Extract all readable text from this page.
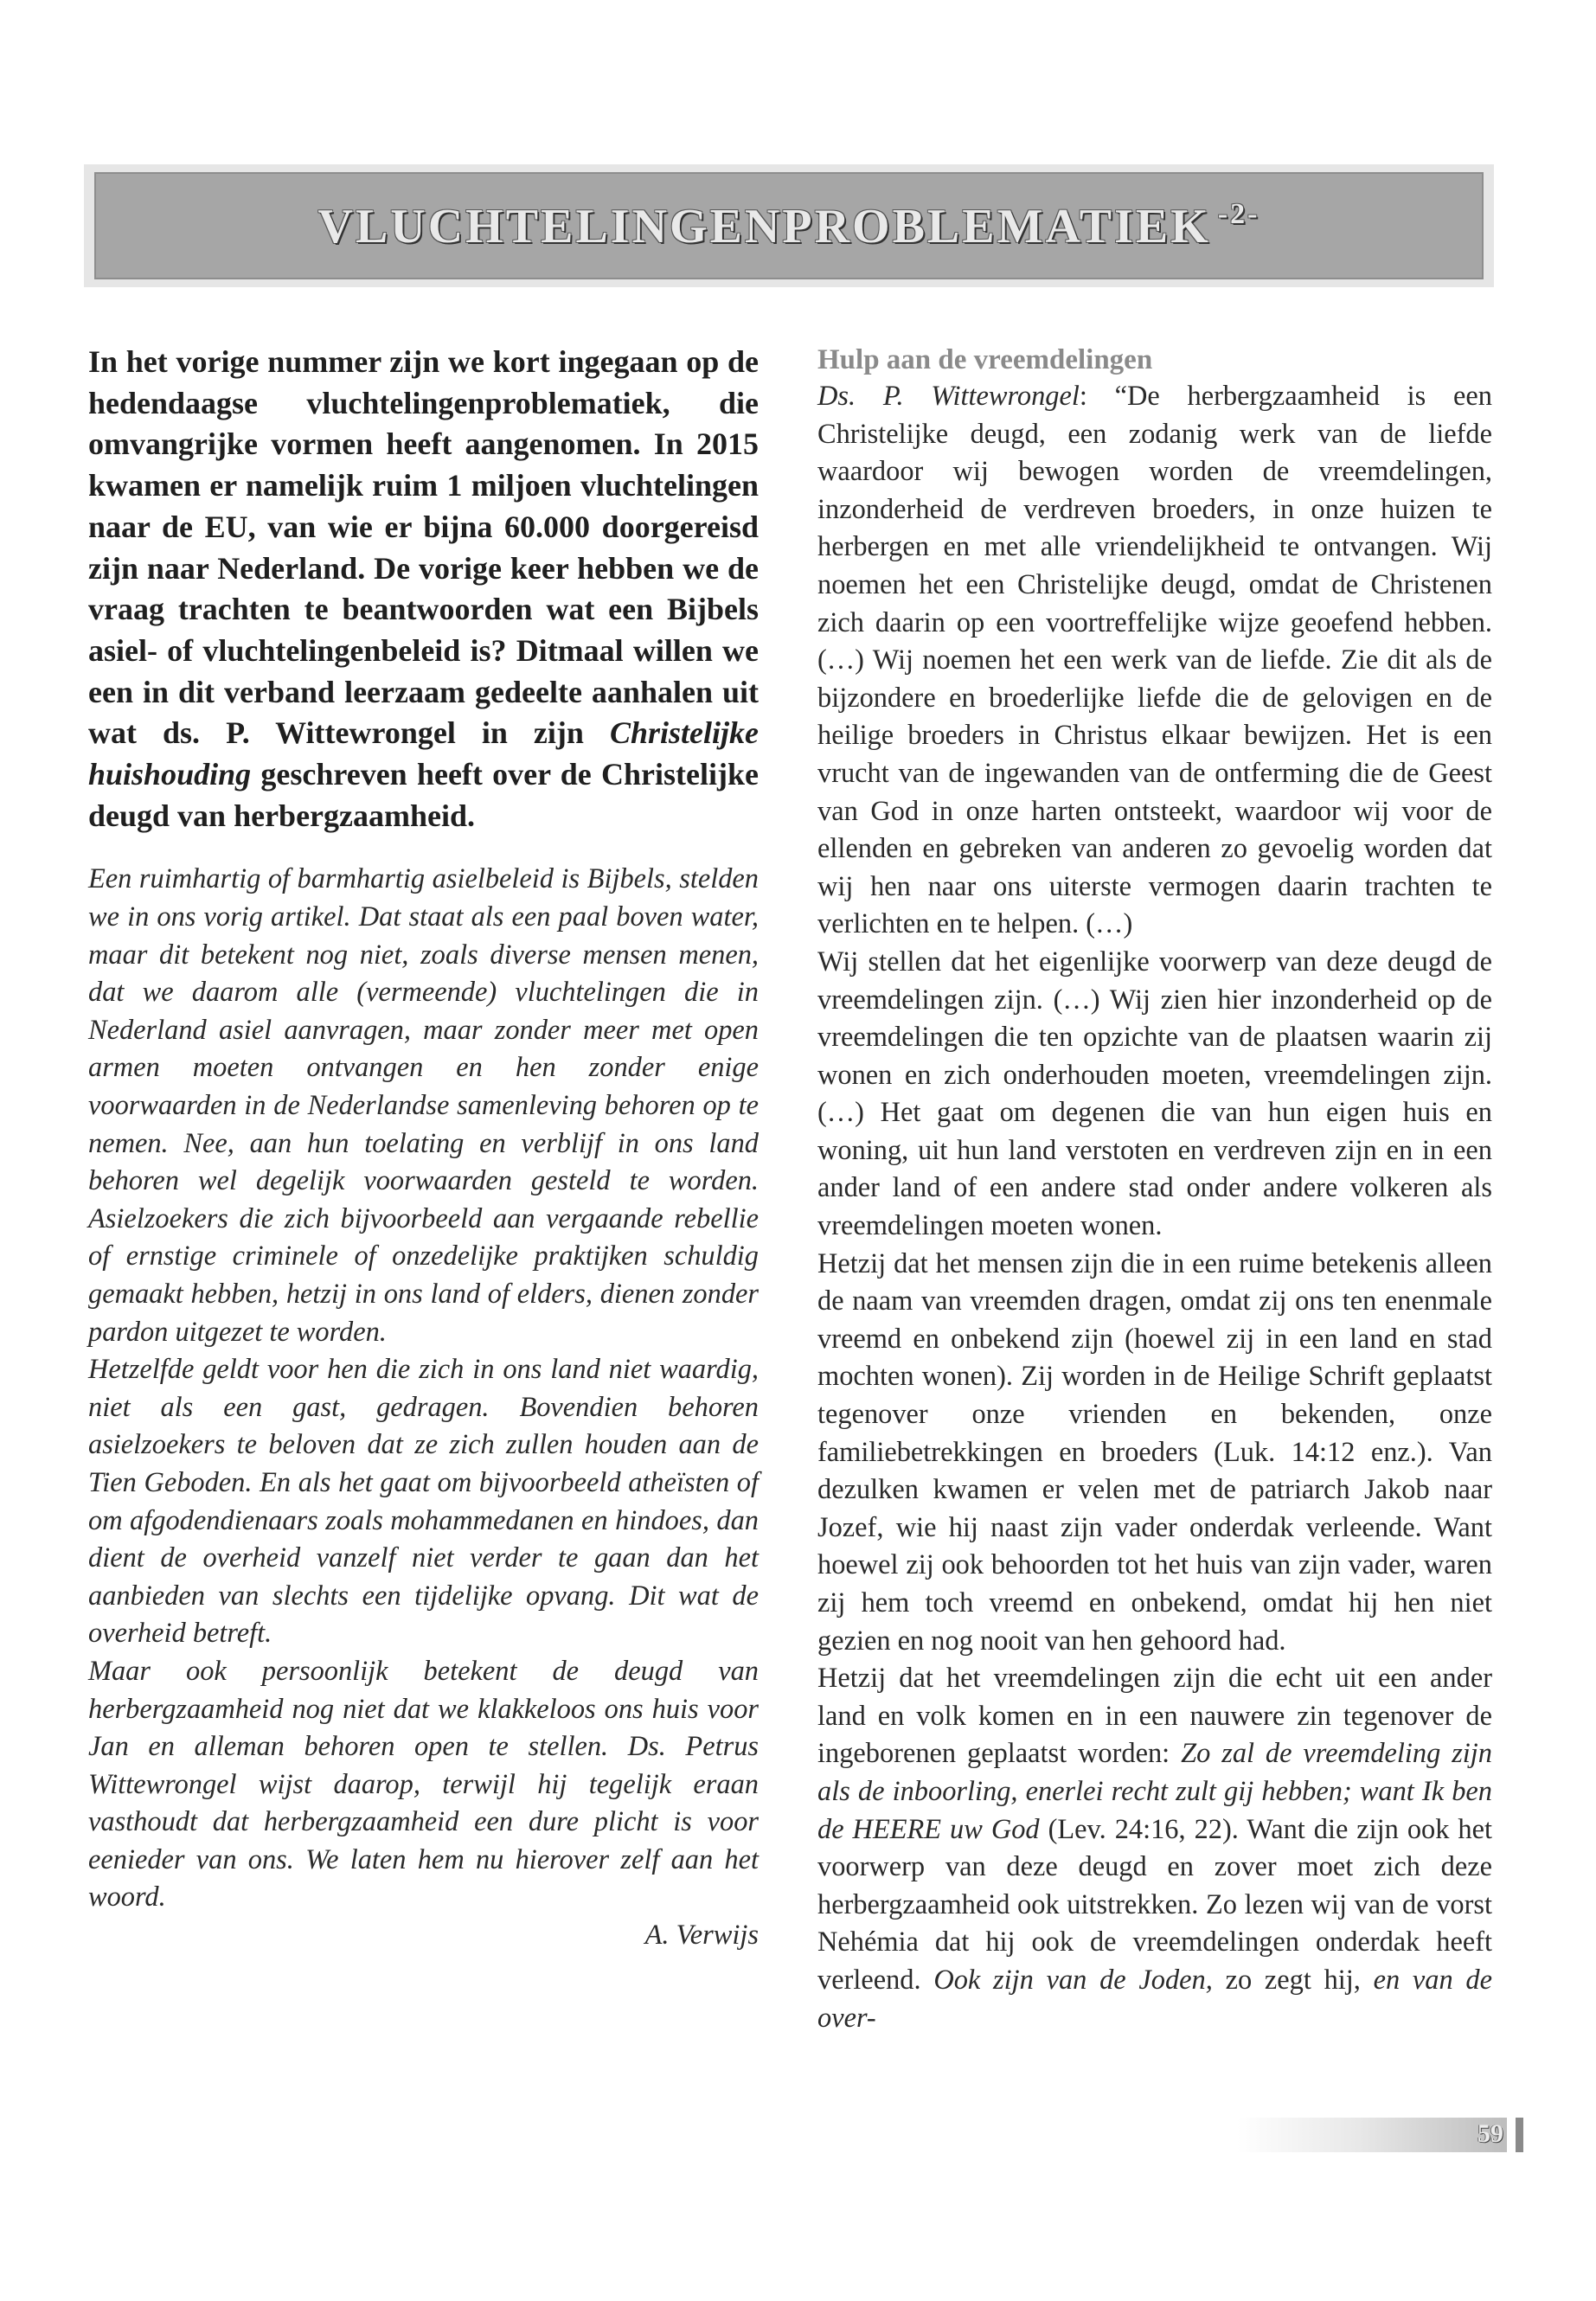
VLUCHTELINGENPROBLEMATIEK $^{-2-}$

In het vorige nummer zijn we kort ingegaan op de hedendaagse vluchtelingenproblematiek, die omvangrijke vormen heeft aangenomen. In 2015 kwamen er namelijk ruim 1 miljoen vluchtelingen naar de EU, van wie er bijna 60.000 doorgereisd zijn naar Nederland. De vorige keer hebben we de vraag trachten te beantwoorden wat een Bijbels asiel- of vluchtelingenbeleid is? Ditmaal willen we een in dit verband leerzaam gedeelte aanhalen uit wat ds. P. Wittewrongel in zijn Christelijke huishouding geschreven heeft over de Christelijke deugd van herbergzaamheid.

Een ruimhartig of barmhartig asielbeleid is Bijbels, stelden we in ons vorig artikel. Dat staat als een paal boven water, maar dit betekent nog niet, zoals diverse mensen menen, dat we daarom alle (vermeende) vluchtelingen die in Nederland asiel aanvragen, maar zonder meer met open armen moeten ontvangen en hen zonder enige voorwaarden in de Nederlandse samenleving behoren op te nemen. Nee, aan hun toelating en verblijf in ons land behoren wel degelijk voorwaarden gesteld te worden. Asielzoekers die zich bijvoorbeeld aan vergaande rebellie of ernstige criminele of onzedelijke praktijken schuldig gemaakt hebben, hetzij in ons land of elders, dienen zonder pardon uitgezet te worden.

Hetzelfde geldt voor hen die zich in ons land niet waardig, niet als een gast, gedragen. Bovendien behoren asielzoekers te beloven dat ze zich zullen houden aan de Tien Geboden. En als het gaat om bijvoorbeeld atheïsten of om afgodendienaars zoals mohammedanen en hindoes, dan dient de overheid vanzelf niet verder te gaan dan het aanbieden van slechts een tijdelijke opvang. Dit wat de overheid betreft.

Maar ook persoonlijk betekent de deugd van herbergzaamheid nog niet dat we klakkeloos ons huis voor Jan en alleman behoren open te stellen. Ds. Petrus Wittewrongel wijst daarop, terwijl hij tegelijk eraan vasthoudt dat herbergzaamheid een dure plicht is voor eenieder van ons. We laten hem nu hierover zelf aan het woord.

A. Verwijs

Hulp aan de vreemdelingen

Ds. P. Wittewrongel: “De herbergzaamheid is een Christelijke deugd, een zodanig werk van de liefde waardoor wij bewogen worden de vreemdelingen, inzonderheid de verdreven broeders, in onze huizen te herbergen en met alle vriendelijkheid te ontvangen. Wij noemen het een Christelijke deugd, omdat de Christenen zich daarin op een voortreffelijke wijze geoefend hebben. (…) Wij noemen het een werk van de liefde. Zie dit als de bijzondere en broederlijke liefde die de gelovigen en de heilige broeders in Christus elkaar bewijzen. Het is een vrucht van de ingewanden van de ontferming die de Geest van God in onze harten ontsteekt, waardoor wij voor de ellenden en gebreken van anderen zo gevoelig worden dat wij hen naar ons uiterste vermogen daarin trachten te verlichten en te helpen. (…)

Wij stellen dat het eigenlijke voorwerp van deze deugd de vreemdelingen zijn. (…) Wij zien hier inzonderheid op de vreemdelingen die ten opzichte van de plaatsen waarin zij wonen en zich onderhouden moeten, vreemdelingen zijn. (…) Het gaat om degenen die van hun eigen huis en woning, uit hun land verstoten en verdreven zijn en in een ander land of een andere stad onder andere volkeren als vreemdelingen moeten wonen.

Hetzij dat het mensen zijn die in een ruime betekenis alleen de naam van vreemden dragen, omdat zij ons ten enenmale vreemd en onbekend zijn (hoewel zij in een land en stad mochten wonen). Zij worden in de Heilige Schrift geplaatst tegenover onze vrienden en bekenden, onze familiebetrekkingen en broeders (Luk. 14:12 enz.). Van dezulken kwamen er velen met de patriarch Jakob naar Jozef, wie hij naast zijn vader onderdak verleende. Want hoewel zij ook behoorden tot het huis van zijn vader, waren zij hem toch vreemd en onbekend, omdat hij hen niet gezien en nog nooit van hen gehoord had.

Hetzij dat het vreemdelingen zijn die echt uit een ander land en volk komen en in een nauwere zin tegenover de ingeborenen geplaatst worden: Zo zal de vreemdeling zijn als de inboorling, enerlei recht zult gij hebben; want Ik ben de HEERE uw God (Lev. 24:16, 22). Want die zijn ook het voorwerp van deze deugd en zover moet zich deze herbergzaamheid ook uitstrekken. Zo lezen wij van de vorst Nehémia dat hij ook de vreemdelingen onderdak heeft verleend. Ook zijn van de Joden, zo zegt hij, en van de over-

59
